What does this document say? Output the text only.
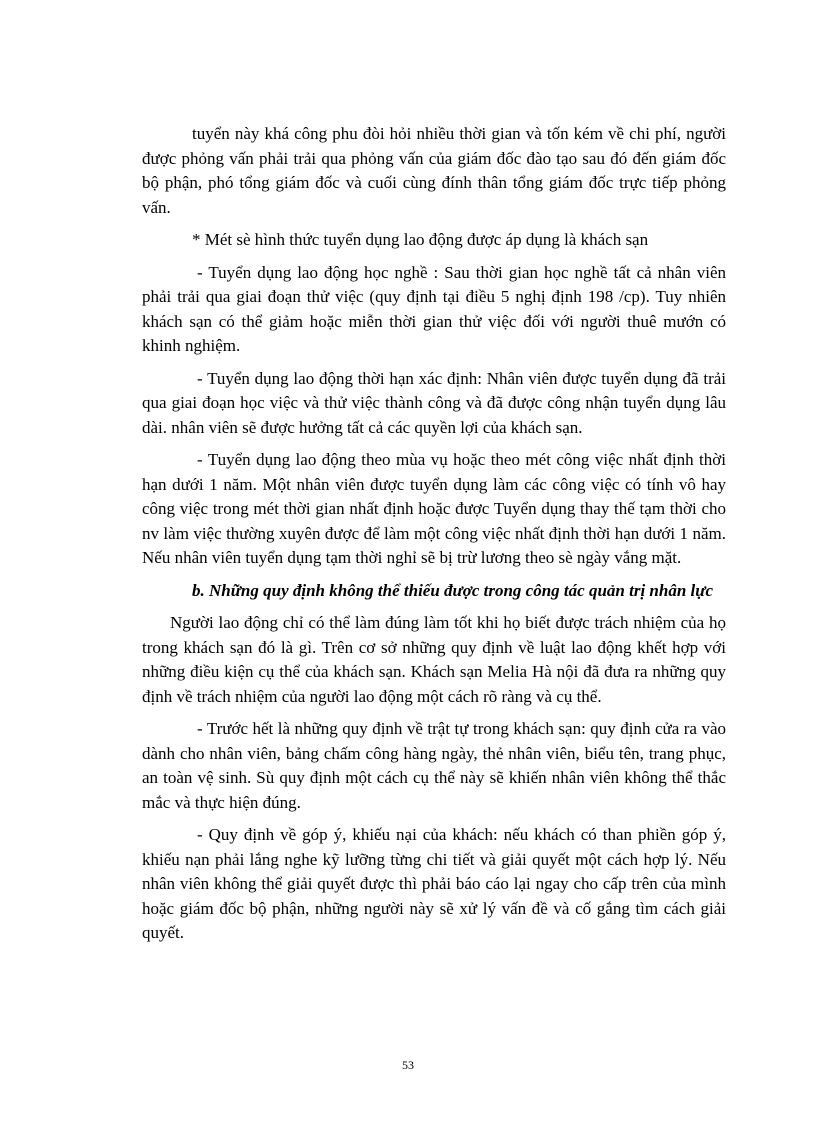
tuyển này khá công phu đòi hỏi nhiều thời gian và tốn kém về chi phí, người được phỏng vấn phải trải qua phỏng vấn của giám đốc đào tạo sau đó đến giám đốc bộ phận, phó tổng giám đốc và cuối cùng đính thân tổng giám đốc trực tiếp phỏng vấn.

* Mét sè hình thức tuyển dụng lao động được áp dụng là khách sạn

- Tuyển dụng lao động học nghề : Sau thời gian học nghề tất cả nhân viên phải trải qua giai đoạn thử việc (quy định tại điều 5 nghị định 198 /cp). Tuy nhiên khách sạn có thể giảm hoặc miễn thời gian thử việc đối với người thuê mướn có khinh nghiệm.

- Tuyển dụng lao động thời hạn xác định: Nhân viên được tuyển dụng đã trải qua giai đoạn học việc và thử việc thành công và đã được công nhận tuyển dụng lâu dài. nhân viên sẽ được hưởng tất cả các quyền lợi của khách sạn.

- Tuyển dụng lao động theo mùa vụ hoặc theo mét công việc nhất định thời hạn dưới 1 năm. Một nhân viên được tuyển dụng làm các công việc có tính vô hay công việc trong mét thời gian nhất định hoặc được Tuyển dụng thay thế tạm thời cho nv làm việc thường xuyên được để làm một công việc nhất định thời hạn dưới 1 năm. Nếu nhân viên tuyển dụng tạm thời nghỉ sẽ bị trừ lương theo sè ngày vắng mặt.

b. Những quy định không thể thiếu được trong công tác quản trị nhân lực

Người lao động chỉ có thể làm đúng làm tốt khi họ biết được trách nhiệm của họ trong khách sạn đó là gì. Trên cơ sở những quy định về luật lao động khết hợp với những điều kiện cụ thể của khách sạn. Khách sạn Melia Hà nội đã đưa ra những quy định về trách nhiệm của người lao động một cách rõ ràng và cụ thể.

- Trước hết là những quy định về trật tự trong khách sạn: quy định cửa ra vào dành cho nhân viên, bảng chấm công hàng ngày, thẻ nhân viên, biểu tên, trang phục, an toàn vệ sinh. Sù quy định một cách cụ thể này sẽ khiến nhân viên không thể thắc mắc và thực hiện đúng.

- Quy định về góp ý, khiếu nại của khách: nếu khách có than phiền góp ý, khiếu nạn phải lắng nghe kỹ lưỡng từng chi tiết và giải quyết một cách hợp lý. Nếu nhân viên không thể giải quyết được thì phải báo cáo lại ngay cho cấp trên của mình hoặc giám đốc bộ phận, những người này sẽ xử lý vấn đề và cố gắng tìm cách giải quyết.

53
